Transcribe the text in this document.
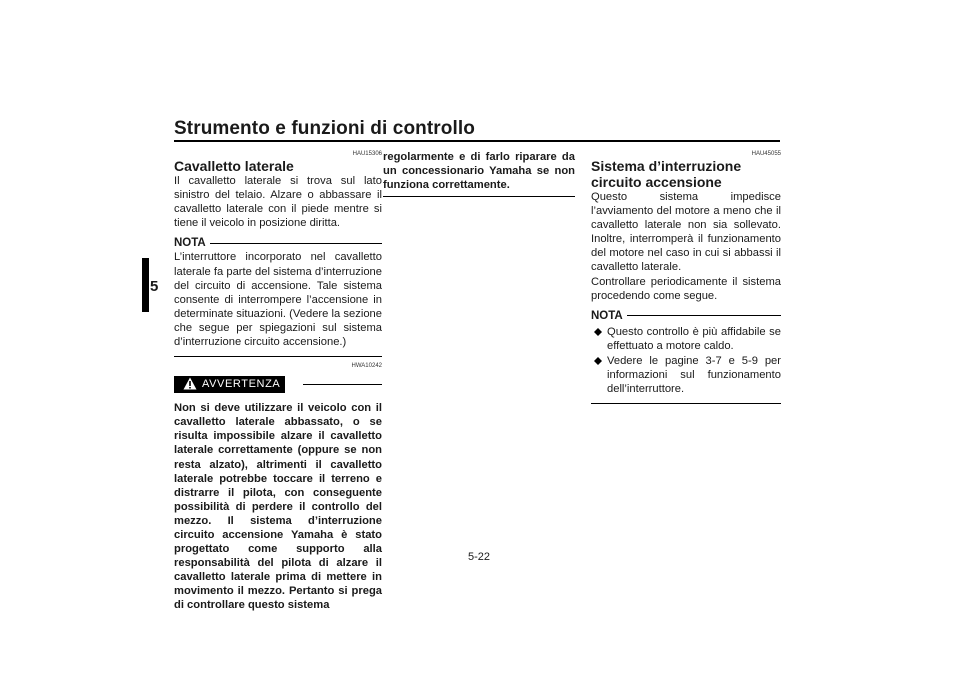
Strumento e funzioni di controllo
5
HAU15306
Cavalletto laterale

Il cavalletto laterale si trova sul lato sinistro del telaio. Alzare o abbassare il cavalletto laterale con il piede mentre si tiene il veicolo in posizione diritta.

NOTA

L’interruttore incorporato nel cavalletto laterale fa parte del sistema d’interruzione del circuito di accensione. Tale sistema consente di interrompere l’accensione in determinate situazioni. (Vedere la sezione che segue per spiegazioni sul sistema d’interruzione circuito accensione.)

HWA10242
AVVERTENZA

Non si deve utilizzare il veicolo con il cavalletto laterale abbassato, o se risulta impossibile alzare il cavalletto laterale correttamente (oppure se non resta alzato), altrimenti il cavalletto laterale potrebbe toccare il terreno e distrarre il pilota, con conseguente possibilità di perdere il controllo del mezzo. Il sistema d’interruzione circuito accensione Yamaha è stato progettato come supporto alla responsabilità del pilota di alzare il cavalletto laterale prima di mettere in movimento il mezzo. Pertanto si prega di controllare questo sistema

regolarmente e di farlo riparare da un concessionario Yamaha se non funziona correttamente.

HAU45055
Sistema d’interruzione circuito accensione

Questo sistema impedisce l’avviamento del motore a meno che il cavalletto laterale non sia sollevato. Inoltre, interromperà il funzionamento del motore nel caso in cui si abbassi il cavalletto laterale.

Controllare periodicamente il sistema procedendo come segue.

NOTA
Questo controllo è più affidabile se effettuato a motore caldo.
Vedere le pagine 3-7 e 5-9 per informazioni sul funzionamento dell’interruttore.
5-22
